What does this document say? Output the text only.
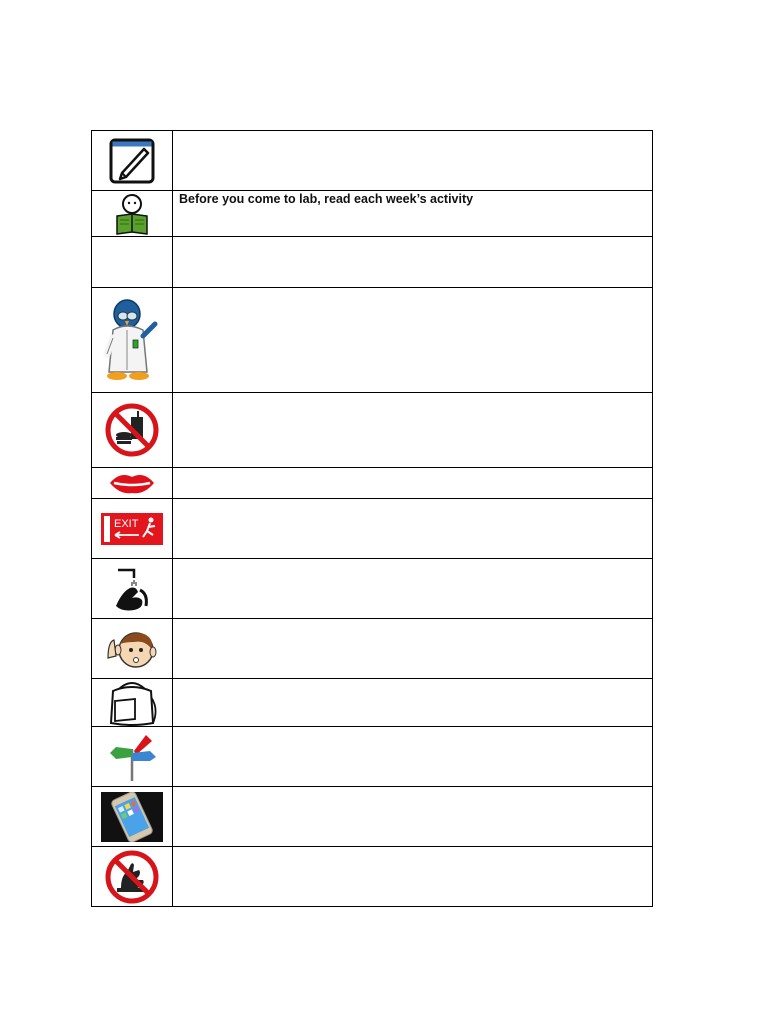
Before you come to lab, read each week’s activity

EXIT	
